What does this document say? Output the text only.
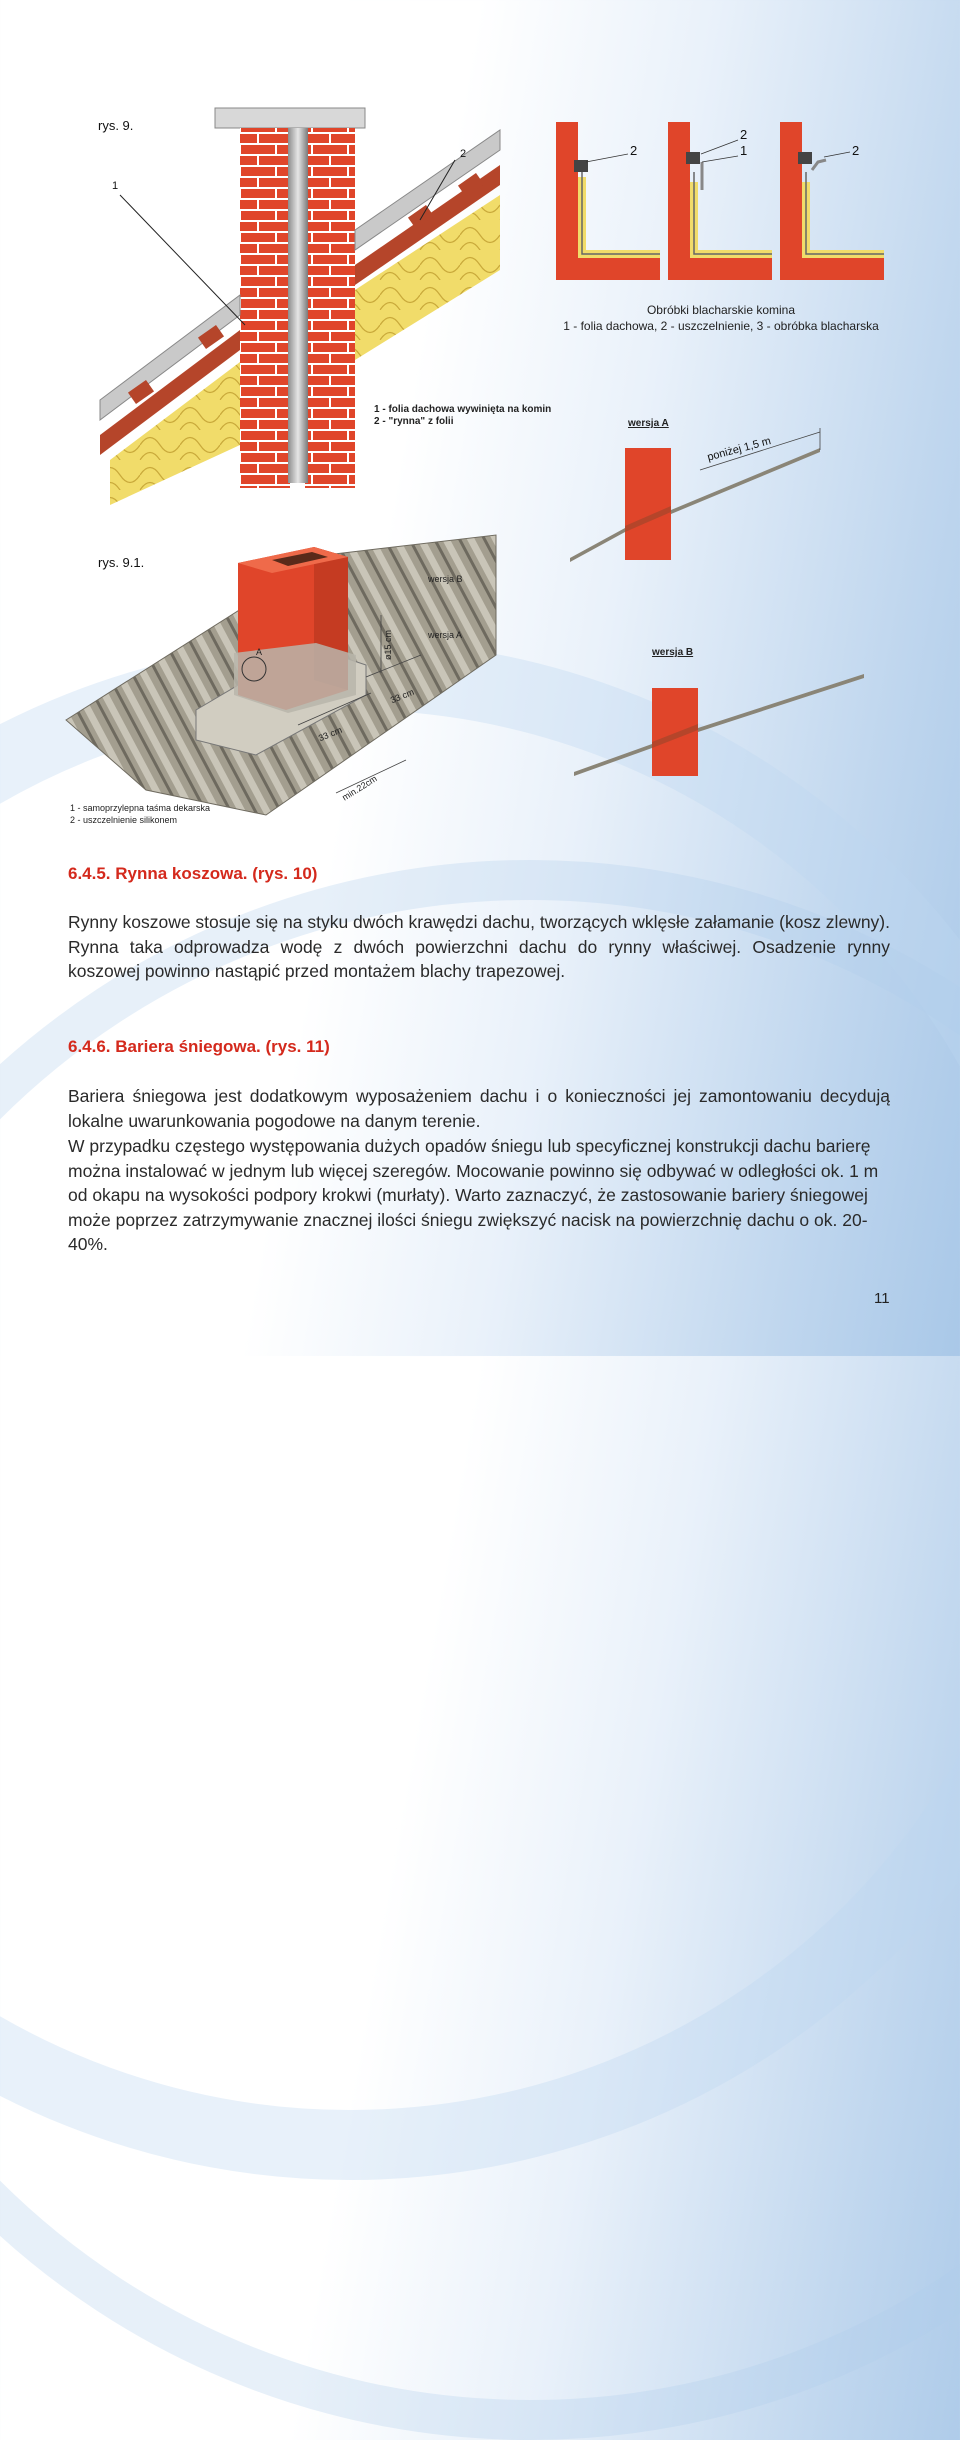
rys. 9.
1
2
1 - folia dachowa wywinięta na komin
2 - "rynna" z folii
2
2
1	2
Obróbki blacharskie komina
1 - folia dachowa, 2 - uszczelnienie, 3 - obróbka blacharska
wersja A
poniżej 1,5 m
wersja B
rys. 9.1.
wersja B
wersja A
A	ø15 cm
33 cm
33 cm
min.22cm
1 - samoprzylepna taśma dekarska
2 - uszczelnienie silikonem
6.4.5. Rynna koszowa. (rys. 10)

Rynny koszowe stosuje się na styku dwóch krawędzi dachu, tworzących wklęsłe załamanie (kosz zlewny). Rynna taka odprowadza wodę z dwóch powierzchni dachu do rynny właściwej. Osadzenie rynny koszowej powinno nastąpić przed montażem blachy trapezowej.

6.4.6. Bariera śniegowa. (rys. 11)

Bariera śniegowa jest dodatkowym wyposażeniem dachu i o konieczności jej zamontowaniu decydują lokalne uwarunkowania pogodowe na danym terenie.

W przypadku częstego występowania dużych opadów śniegu lub specyficznej konstrukcji dachu barierę można instalować w jednym lub więcej szeregów. Mocowanie powinno się odbywać w odległości ok. 1 m od okapu na wysokości podpory krokwi (murłaty). Warto zaznaczyć, że zastosowanie bariery śniegowej może poprzez zatrzymywanie znacznej ilości śniegu zwiększyć nacisk na powierzchnię dachu o ok. 20-40%.

11
